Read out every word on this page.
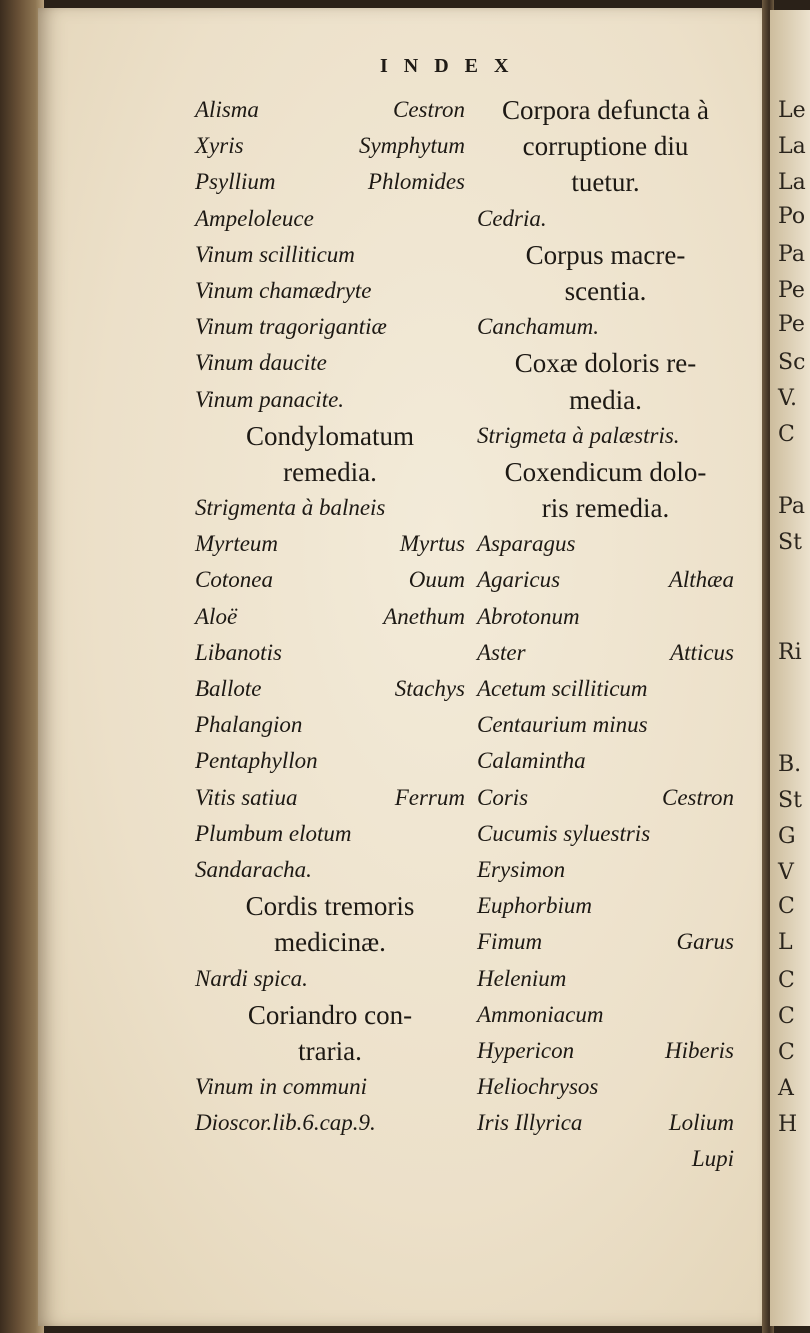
Le
La
La
Po
Pa
Pe
Pe
Sc
V.
C
Pa
St
Ri
B.
St
G
V
C
L
C
C
C
A
H
INDEX
Alisma	Cestron
Xyris	Symphytum
Psyllium	Phlomides
Ampeloleuce
Vinum scilliticum
Vinum chamædryte
Vinum tragorigantiæ
Vinum daucite
Vinum panacite.
Condylomatum
remedia.
Strigmenta à balneis
Myrteum	Myrtus
Cotonea	Ouum
Aloë	Anethum
Libanotis
Ballote	Stachys
Phalangion
Pentaphyllon
Vitis satiua	Ferrum
Plumbum elotum
Sandaracha.
Cordis tremoris
medicinæ.
Nardi spica.
Coriandro con-
traria.
Vinum in communi
Dioscor.lib.6.cap.9.
Corpora defuncta à
corruptione diu
tuetur.
Cedria.
Corpus macre-
scentia.
Canchamum.
Coxæ doloris re-
media.
Strigmeta à palæstris.
Coxendicum dolo-
ris remedia.
Asparagus
Agaricus	Althæa
Abrotonum
Aster	Atticus
Acetum scilliticum
Centaurium minus
Calamintha
Coris	Cestron
Cucumis syluestris
Erysimon
Euphorbium
Fimum	Garus
Helenium
Ammoniacum
Hypericon	Hiberis
Heliochrysos
Iris Illyrica	Lolium
Lupi
